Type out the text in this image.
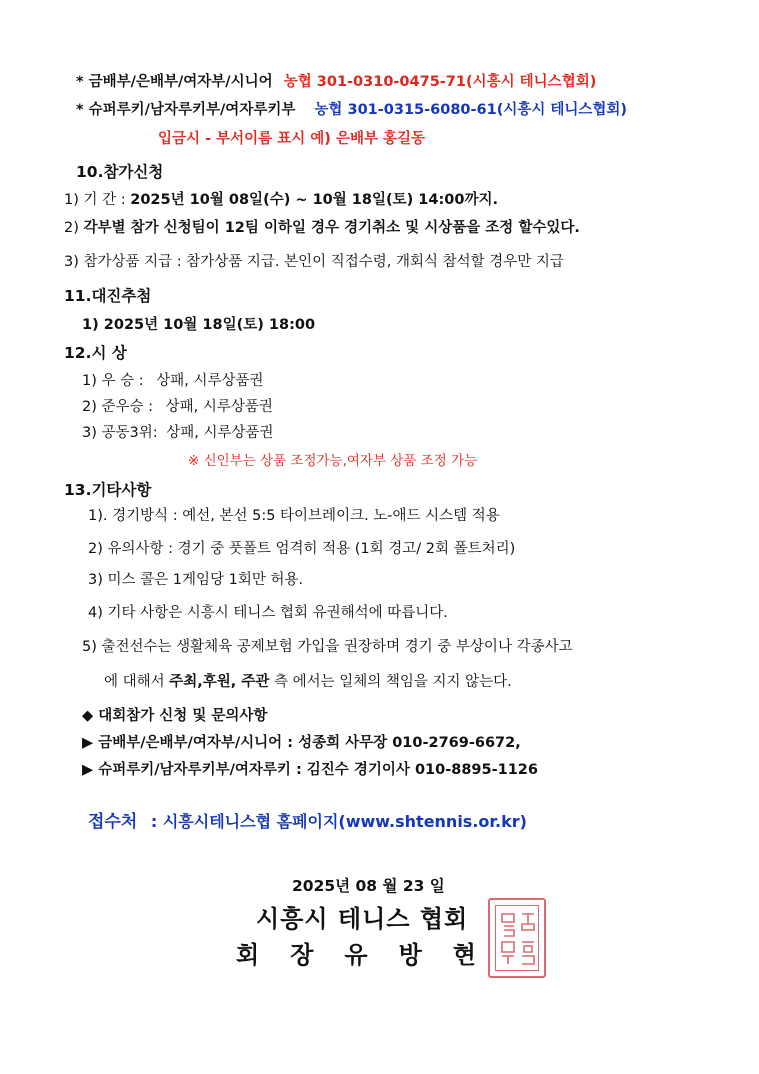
* 금배부/은배부/여자부/시니어 농협 301-0310-0475-71(시흥시 테니스협회)
* 슈퍼루키/남자루키부/여자루키부 농협 301-0315-6080-61(시흥시 테니스협회)
입금시 - 부서이름 표시 예) 은배부 홍길동
10.참가신청
1) 기 간 : 2025년 10월 08일(수) ~ 10월 18일(토) 14:00까지.
2) 각부별 참가 신청팀이 12팀 이하일 경우 경기취소 및 시상품을 조정 할수있다.
3) 참가상품 지급 : 참가상품 지급. 본인이 직접수령, 개회식 참석할 경우만 지급
11.대진추첨
1) 2025년 10월 18일(토) 18:00
12.시 상
1) 우 승 : 상패, 시루상품권
2) 준우승 : 상패, 시루상품권
3) 공동3위: 상패, 시루상품권
※ 신인부는 상품 조정가능,여자부 상품 조정 가능
13.기타사항
1). 경기방식 : 예선, 본선 5:5 타이브레이크. 노-애드 시스템 적용
2) 유의사항 : 경기 중 풋폴트 엄격히 적용 (1회 경고/ 2회 폴트처리)
3) 미스 콜은 1게임당 1회만 허용.
4) 기타 사항은 시흥시 테니스 협회 유권해석에 따릅니다.
5) 출전선수는 생활체육 공제보험 가입을 권장하며 경기 중 부상이나 각종사고
에 대해서 주최,후원, 주관 측 에서는 일체의 책임을 지지 않는다.
◆ 대회참가 신청 및 문의사항
▶ 금배부/은배부/여자부/시니어 : 성종희 사무장 010-2769-6672,
▶ 슈퍼루키/남자루키부/여자루키 : 김진수 경기이사 010-8895-1126
접수처 : 시흥시테니스협 홈페이지(www.shtennis.or.kr)
2025년 08 월 23 일
시흥시 테니스 협회
회 장 유 방 현
